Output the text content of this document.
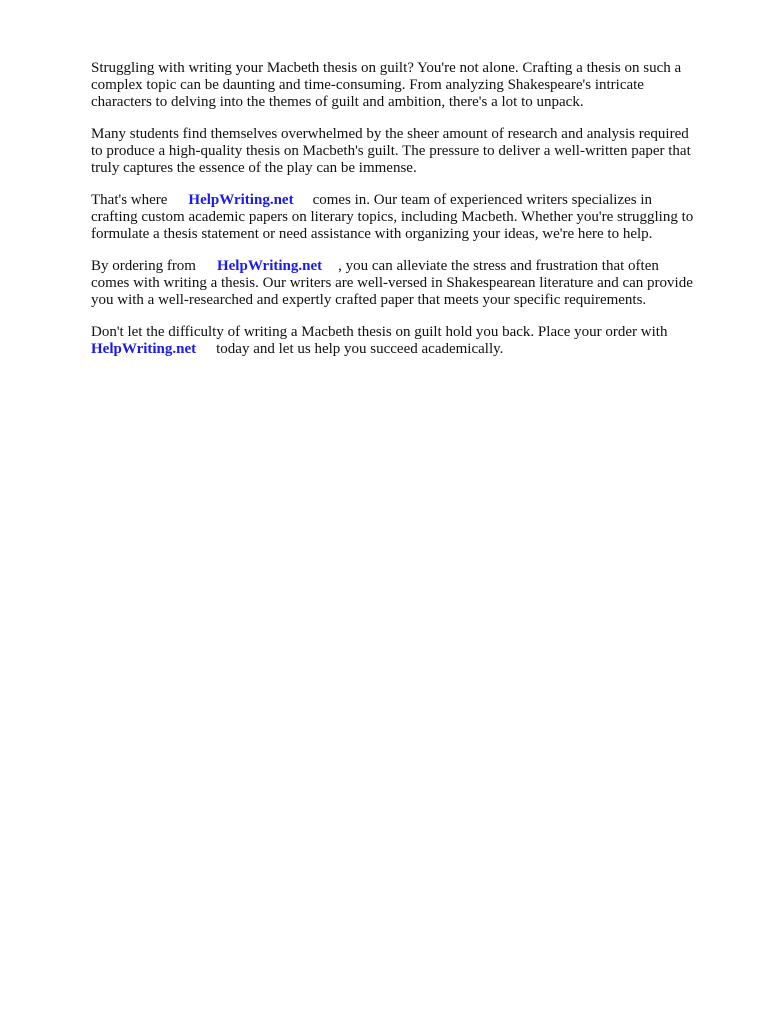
Struggling with writing your Macbeth thesis on guilt? You're not alone. Crafting a thesis on such a
complex topic can be daunting and time-consuming. From analyzing Shakespeare's intricate
characters to delving into the themes of guilt and ambition, there's a lot to unpack.

Many students find themselves overwhelmed by the sheer amount of research and analysis required
to produce a high-quality thesis on Macbeth's guilt. The pressure to deliver a well-written paper that
truly captures the essence of the play can be immense.

That's where HelpWriting.net comes in. Our team of experienced writers specializes in
crafting custom academic papers on literary topics, including Macbeth. Whether you're struggling to
formulate a thesis statement or need assistance with organizing your ideas, we're here to help.

By ordering from HelpWriting.net , you can alleviate the stress and frustration that often
comes with writing a thesis. Our writers are well-versed in Shakespearean literature and can provide
you with a well-researched and expertly crafted paper that meets your specific requirements.

Don't let the difficulty of writing a Macbeth thesis on guilt hold you back. Place your order with
HelpWriting.net today and let us help you succeed academically.
